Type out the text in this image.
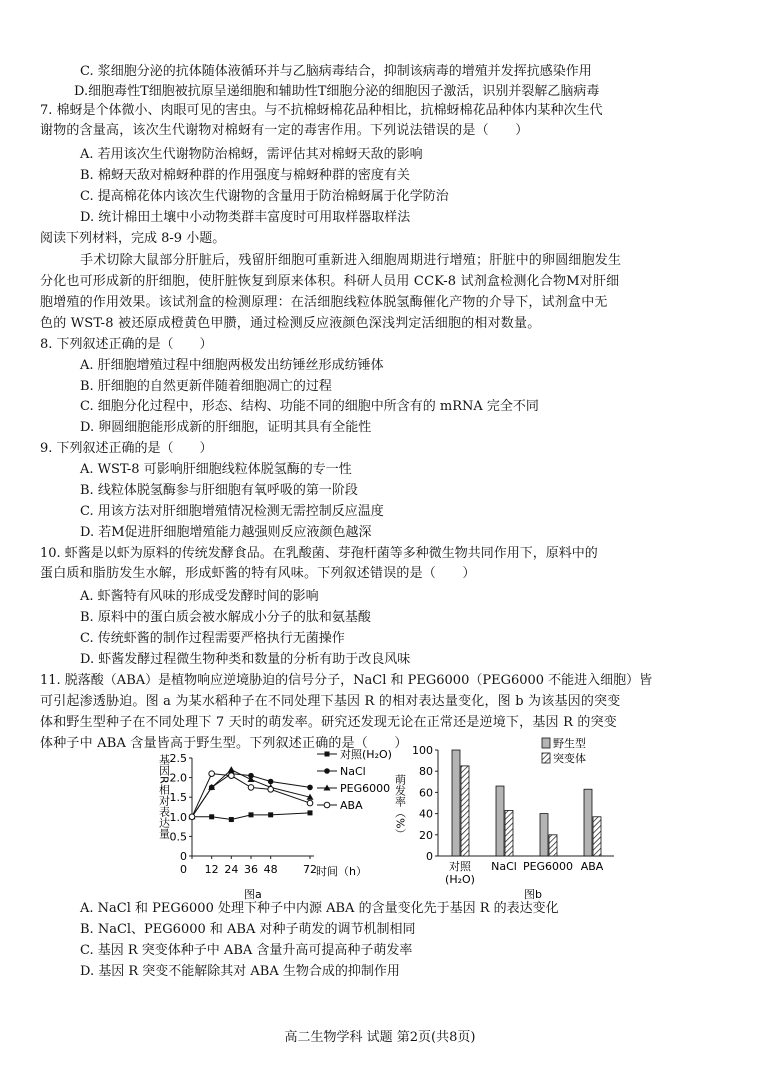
C. 浆细胞分泌的抗体随体液循环并与乙脑病毒结合，抑制该病毒的增殖并发挥抗感染作用
D.细胞毒性T细胞被抗原呈递细胞和辅助性T细胞分泌的细胞因子激活，识别并裂解乙脑病毒
7. 棉蚜是个体微小、肉眼可见的害虫。与不抗棉蚜棉花品种相比，抗棉蚜棉花品种体内某种次生代
谢物的含量高，该次生代谢物对棉蚜有一定的毒害作用。下列说法错误的是（　　）
A. 若用该次生代谢物防治棉蚜，需评估其对棉蚜天敌的影响
B. 棉蚜天敌对棉蚜种群的作用强度与棉蚜种群的密度有关
C. 提高棉花体内该次生代谢物的含量用于防治棉蚜属于化学防治
D. 统计棉田土壤中小动物类群丰富度时可用取样器取样法
阅读下列材料，完成 8-9 小题。
手术切除大鼠部分肝脏后，残留肝细胞可重新进入细胞周期进行增殖；肝脏中的卵圆细胞发生
分化也可形成新的肝细胞，使肝脏恢复到原来体积。科研人员用 CCK-8 试剂盒检测化合物M对肝细
胞增殖的作用效果。该试剂盒的检测原理：在活细胞线粒体脱氢酶催化产物的介导下，试剂盒中无
色的 WST-8 被还原成橙黄色甲臜，通过检测反应液颜色深浅判定活细胞的相对数量。
8. 下列叙述正确的是（　　）
A. 肝细胞增殖过程中细胞两极发出纺锤丝形成纺锤体
B. 肝细胞的自然更新伴随着细胞凋亡的过程
C. 细胞分化过程中，形态、结构、功能不同的细胞中所含有的 mRNA 完全不同
D. 卵圆细胞能形成新的肝细胞，证明其具有全能性
9. 下列叙述正确的是（　　）
A. WST-8 可影响肝细胞线粒体脱氢酶的专一性
B. 线粒体脱氢酶参与肝细胞有氧呼吸的第一阶段
C. 用该方法对肝细胞增殖情况检测无需控制反应温度
D. 若M促进肝细胞增殖能力越强则反应液颜色越深
10. 虾酱是以虾为原料的传统发酵食品。在乳酸菌、芽孢杆菌等多种微生物共同作用下，原料中的
蛋白质和脂肪发生水解，形成虾酱的特有风味。下列叙述错误的是（　　）
A. 虾酱特有风味的形成受发酵时间的影响
B. 原料中的蛋白质会被水解成小分子的肽和氨基酸
C. 传统虾酱的制作过程需要严格执行无菌操作
D. 虾酱发酵过程微生物种类和数量的分析有助于改良风味
11. 脱落酸（ABA）是植物响应逆境胁迫的信号分子，NaCl 和 PEG6000（PEG6000 不能进入细胞）皆
可引起渗透胁迫。图 a 为某水稻种子在不同处理下基因 R 的相对表达量变化，图 b 为该基因的突变
体和野生型种子在不同处理下 7 天时的萌发率。研究还发现无论在正常还是逆境下，基因 R 的突变
体种子中 ABA 含量皆高于野生型。下列叙述正确的是（　　）
基因R相对表达量
0
0.5
1.0
1.5
2.0
2.5
12 24 36 48 72
0
对照(H₂O)
NaCl
PEG6000
ABA
时间（h）
图a
萌发率（%）
0
20
40
60
80
100
对照
(H₂O)
NaCl PEG6000 ABA
野生型
突变体
图b
A. NaCl 和 PEG6000 处理下种子中内源 ABA 的含量变化先于基因 R 的表达变化
B. NaCl、PEG6000 和 ABA 对种子萌发的调节机制相同
C. 基因 R 突变体种子中 ABA 含量升高可提高种子萌发率
D. 基因 R 突变不能解除其对 ABA 生物合成的抑制作用
高二生物学科 试题 第2页(共8页)
